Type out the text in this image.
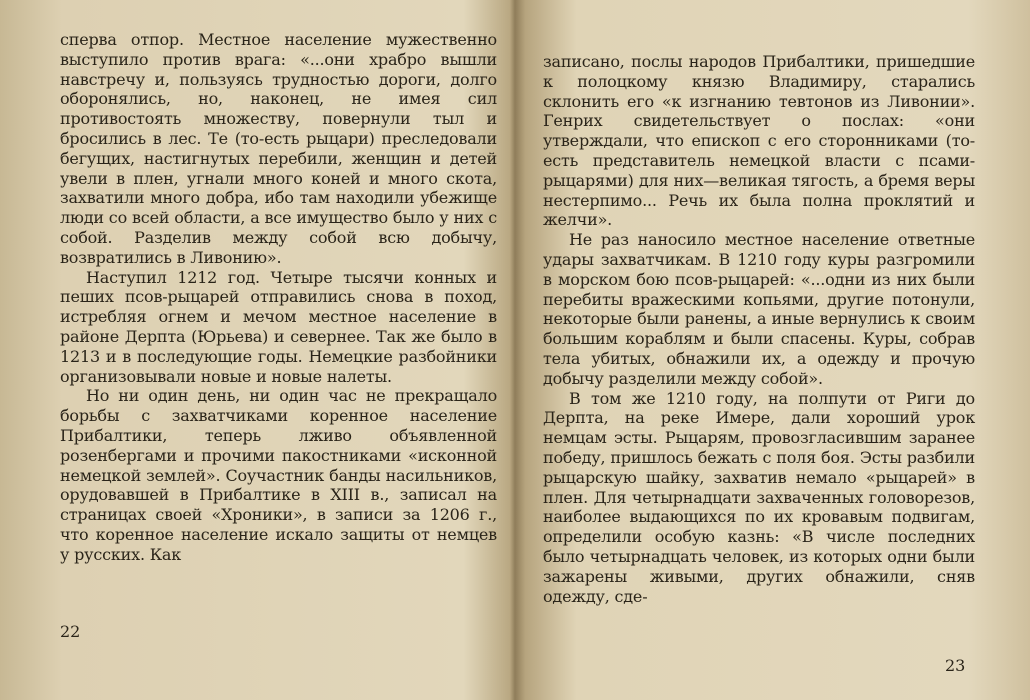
сперва отпор. Местное население мужественно выступило против врага: «...они храбро вышли навстречу и, пользуясь трудностью дороги, долго оборонялись, но, наконец, не имея сил противостоять множеству, повернули тыл и бросились в лес. Те (то-есть рыцари) преследовали бегущих, настигнутых перебили, женщин и детей увели в плен, угнали много коней и много скота, захватили много добра, ибо там находили убежище люди со всей области, а все имущество было у них с собой. Разделив между собой всю добычу, возвратились в Ливонию».

Наступил 1212 год. Четыре тысячи конных и пеших псов-рыцарей отправились снова в поход, истребляя огнем и мечом местное население в районе Дерпта (Юрьева) и севернее. Так же было в 1213 и в последующие годы. Немецкие разбойники организовывали новые и новые налеты.

Но ни один день, ни один час не прекращало борьбы с захватчиками коренное население Прибалтики, теперь лживо объявленной розенбергами и прочими пакостниками «исконной немецкой землей». Соучастник банды насильников, орудовавшей в Прибалтике в XIII в., записал на страницах своей «Хроники», в записи за 1206 г., что коренное население искало защиты от немцев у русских. Как

22

записано, послы народов Прибалтики, пришедшие к полоцкому князю Владимиру, старались склонить его «к изгнанию тевтонов из Ливонии». Генрих свидетельствует о послах: «они утверждали, что епископ с его сторонниками (то-есть представитель немецкой власти с псами-рыцарями) для них—великая тягость, а бремя веры нестерпимо... Речь их была полна проклятий и желчи».

Не раз наносило местное население ответные удары захватчикам. В 1210 году куры разгромили в морском бою псов-рыцарей: «...одни из них были перебиты вражескими копьями, другие потонули, некоторые были ранены, а иные вернулись к своим большим кораблям и были спасены. Куры, собрав тела убитых, обнажили их, а одежду и прочую добычу разделили между собой».

В том же 1210 году, на полпути от Риги до Дерпта, на реке Имере, дали хороший урок немцам эсты. Рыцарям, провозгласившим заранее победу, пришлось бежать с поля боя. Эсты разбили рыцарскую шайку, захватив немало «рыцарей» в плен. Для четырнадцати захваченных головорезов, наиболее выдающихся по их кровавым подвигам, определили особую казнь: «В числе последних было четырнадцать человек, из которых одни были зажарены живыми, других обнажили, сняв одежду, сде-

23
